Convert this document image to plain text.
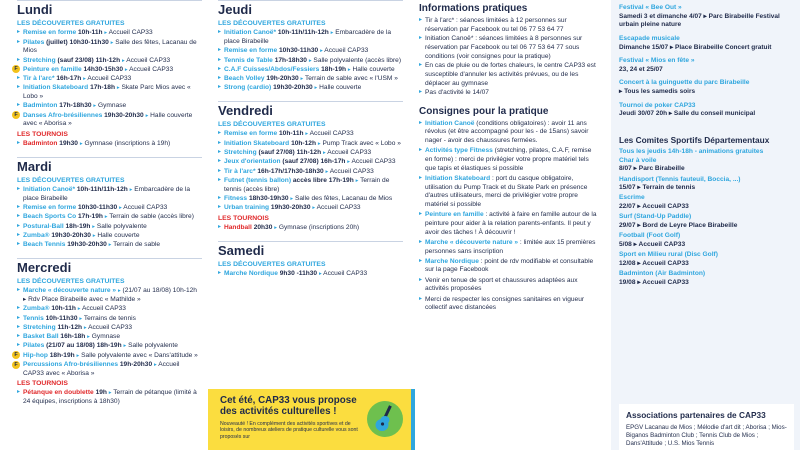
Lundi
LES DÉCOUVERTES GRATUITES
▸ Remise en forme 10h-11h ▸ Accueil CAP33
▸ Pilates (juillet) 10h30-11h30 ▸ Salle des fêtes, Lacanau de Mios
▸ Stretching (sauf 23/08) 11h-12h ▸ Accueil CAP33
F Peinture en famille 14h30-15h30 ▸ Accueil CAP33
▸ Tir à l'arc* 16h-17h ▸ Accueil CAP33
▸ Initiation Skateboard 17h-18h ▸ Skate Parc Mios avec « Lobo »
▸ Badminton 17h-18h30 ▸ Gymnase
F Danses Afro-brésiliennes 19h30-20h30 ▸ Halle couverte avec « Aborisa »
LES TOURNOIS
▸ Badminton 19h30 ▸ Gymnase (inscriptions à 19h)
Mardi
LES DÉCOUVERTES GRATUITES
▸ Initiation Canoë* 10h-11h/11h-12h ▸ Embarcadère de la place Birabeille
▸ Remise en forme 10h30-11h30 ▸ Accueil CAP33
▸ Beach Sports Co 17h-19h ▸ Terrain de sable (accès libre)
▸ Postural-Ball 18h-19h ▸ Salle polyvalente
▸ Zumba® 19h30-20h30 ▸ Halle couverte
▸ Beach Tennis 19h30-20h30 ▸ Terrain de sable
Mercredi
LES DÉCOUVERTES GRATUITES
▸ Marche « découverte nature » ▸ (21/07 au 18/08) 10h-12h ▸ Rdv Place Birabeille avec « Mathilde »
▸ Zumba® 10h-11h ▸ Accueil CAP33
▸ Tennis 10h-11h30 ▸ Terrains de tennis
▸ Stretching 11h-12h ▸ Accueil CAP33
▸ Basket Ball 16h-18h ▸ Gymnase
▸ Pilates (21/07 au 18/08) 18h-19h ▸ Salle polyvalente
F Hip-hop 18h-19h ▸ Salle polyvalente avec « Dans'attitude »
F Percussions Afro-brésiliennes 19h-20h30 ▸ Accueil CAP33 avec « Aborisa »
LES TOURNOIS
▸ Pétanque en doublette 19h ▸ Terrain de pétanque (limité à 24 équipes, inscriptions à 18h30)
Jeudi
LES DÉCOUVERTES GRATUITES
▸ Initiation Canoë* 10h-11h/11h-12h ▸ Embarcadère de la place Birabeille
▸ Remise en forme 10h30-11h30 ▸ Accueil CAP33
▸ Tennis de Table 17h-18h30 ▸ Salle polyvalente (accès libre)
▸ C.A.F Cuisses/Abdos/Fessiers 18h-19h ▸ Halle couverte
▸ Beach Volley 19h-20h30 ▸ Terrain de sable avec « l'USM »
▸ Strong (cardio) 19h30-20h30 ▸ Halle couverte
Vendredi
LES DÉCOUVERTES GRATUITES
▸ Remise en forme 10h-11h ▸ Accueil CAP33
▸ Initiation Skateboard 10h-12h ▸ Pump Track avec « Lobo »
▸ Stretching (sauf 27/08) 11h-12h ▸ Accueil CAP33
▸ Jeux d'orientation (sauf 27/08) 16h-17h ▸ Accueil CAP33
▸ Tir à l'arc* 16h-17h/17h30-18h30 ▸ Accueil CAP33
▸ Futnet (tennis ballon) accès libre 17h-19h ▸ Terrain de tennis (accès libre)
▸ Fitness 18h30-19h30 ▸ Salle des fêtes, Lacanau de Mios
▸ Urban training 19h30-20h30 ▸ Accueil CAP33
LES TOURNOIS
▸ Handball 20h30 ▸ Gymnase (inscriptions 20h)
Samedi
LES DÉCOUVERTES GRATUITES
▸ Marche Nordique 9h30 -11h30 ▸ Accueil CAP33
Cet été, CAP33 vous propose des activités culturelles !
Nouveauté ! En complément des activités sportives et de loisirs, de nombreux ateliers de pratique culturelle vous sont proposés sur
Informations pratiques
▸ Tir à l'arc* : séances limitées à 12 personnes sur réservation par Facebook ou tel 06 77 53 64 77
▸ Initiation Canoë* : séances limitées à 8 personnes sur réservation par Facebook ou tel 06 77 53 64 77 sous conditions (voir consignes pour la pratique)
▸ En cas de pluie ou de fortes chaleurs, le centre CAP33 est susceptible d'annuler les activités prévues, ou de les déplacer au gymnase
▸ Pas d'activité le 14/07
Consignes pour la pratique
▸ Initiation Canoë (conditions obligatoires) : avoir 11 ans révolus (et être accompagné pour les - de 15ans) savoir nager - avoir des chaussures fermées.
▸ Activités type Fitness (stretching, pilates, C.A.F, remise en forme) : merci de privilégier votre propre matériel tels que tapis et élastiques si possible
▸ Initiation Skateboard : port du casque obligatoire, utilisation du Pump Track et du Skate Park en présence d'autres utilisateurs, merci de privilégier votre propre matériel si possible
▸ Peinture en famille : activité à faire en famille autour de la peinture pour aider à la relation parents-enfants. Il peut y avoir des tâches ! À découvrir !
▸ Marche « découverte nature » : limitée aux 15 premières personnes sans inscription
▸ Marche Nordique : point de rdv modifiable et consultable sur la page Facebook
▸ Venir en tenue de sport et chaussures adaptées aux activités proposées
▸ Merci de respecter les consignes sanitaires en vigueur collectif avec distancées
Festival « Bee Out »
Samedi 3 et dimanche 4/07 ▸ Parc Birabeille Festival urbain pleine nature
Escapade musicale
Dimanche 15/07 ▸ Place Birabeille Concert gratuit
Festival « Mios en fête »
23, 24 et 25/07
Concert à la guinguette du parc Birabeille
▸ Tous les samedis soirs
Tournoi de poker CAP33
Jeudi 30/07 20h ▸ Salle du conseil municipal
Les Comites Sportifs Départementaux
Tous les jeudis 14h-18h - animations gratuites
Char à voile
8/07 ▸ Parc Birabeille
Handisport (Tennis fauteuil, Boccia, ...)
15/07 ▸ Terrain de tennis
Escrime
22/07 ▸ Accueil CAP33
Surf (Stand-Up Paddle)
29/07 ▸ Bord de Leyre Place Birabeille
Football (Foot Golf)
5/08 ▸ Accueil CAP33
Sport en Milieu rural (Disc Golf)
12/08 ▸ Accueil CAP33
Badminton (Air Badminton)
19/08 ▸ Accueil CAP33
Associations partenaires de CAP33
EPGV Lacanau de Mios ; Mélodie d'art dit ; Aborisa ; Mios-Biganos Badminton Club ; Tennis Club de Mios ; Dans'Attitude ; U.S. Mios Tennis
